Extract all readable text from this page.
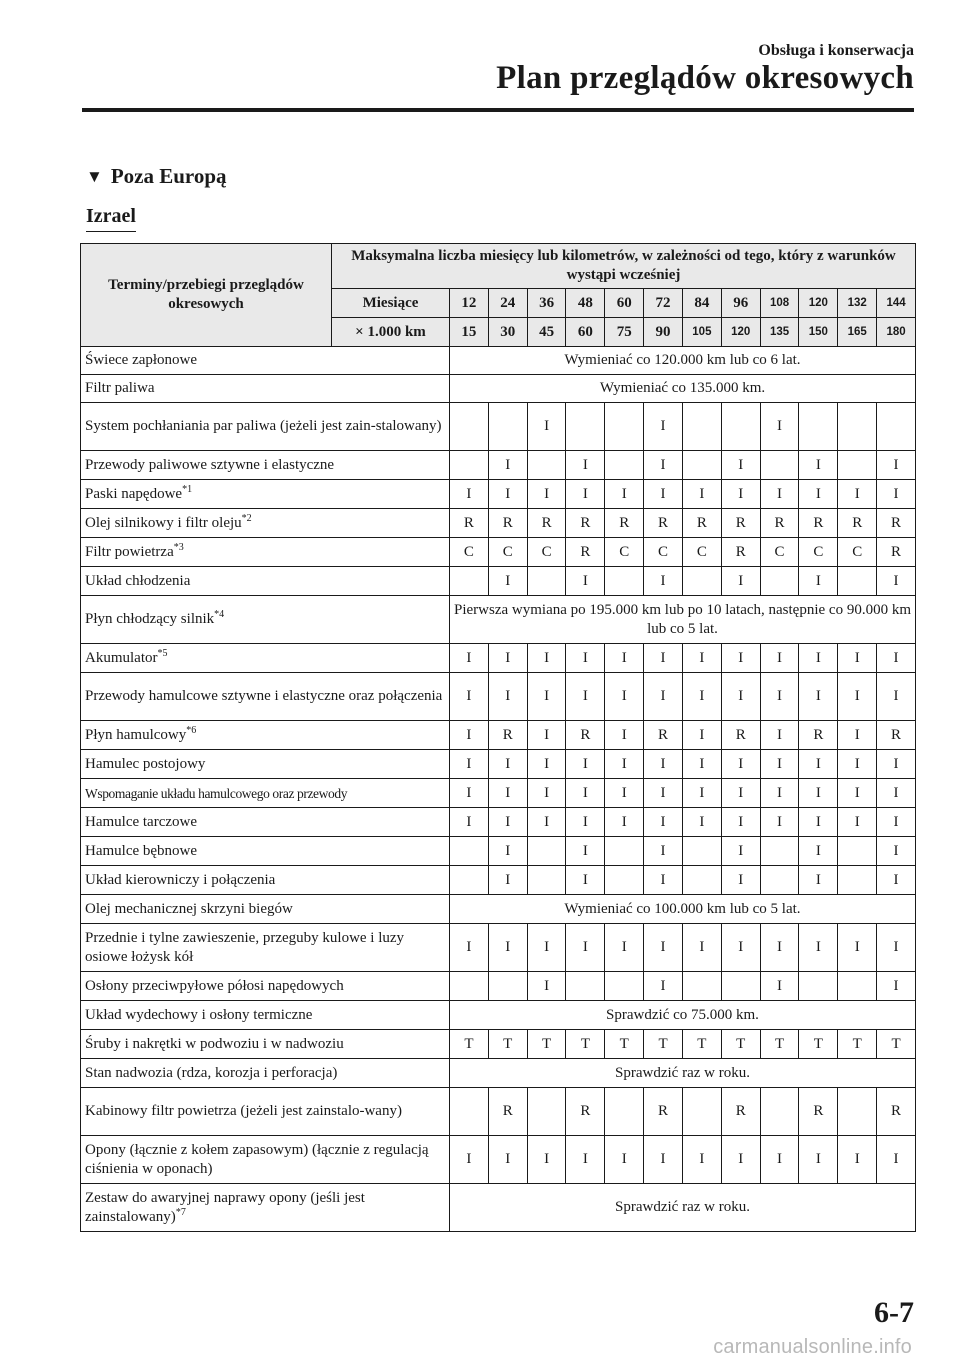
Obsługa i konserwacja
Plan przeglądów okresowych
▼ Poza Europą
Izrael
Terminy/przebiegi przeglądów okresowych	Maksymalna liczba miesięcy lub kilometrów, w zależności od tego, który z warunków wystąpi wcześniej												
	Miesiące	12	24	36	48	60	72	84	96	108	120	132	144
	× 1.000 km	15	30	45	60	75	90	105	120	135	150	165	180
Świece zapłonowe		Wymieniać co 120.000 km lub co 6 lat.											
Filtr paliwa		Wymieniać co 135.000 km.											
System pochłaniania par paliwa (jeżeli jest zain-stalowany)				I			I			I			
Przewody paliwowe sztywne i elastyczne			I		I		I		I		I		I
Paski napędowe$^{*1}$		I	I	I	I	I	I	I	I	I	I	I	I
Olej silnikowy i filtr oleju$^{*2}$		R	R	R	R	R	R	R	R	R	R	R	R
Filtr powietrza$^{*3}$		C	C	C	R	C	C	C	R	C	C	C	R
Układ chłodzenia			I		I		I		I		I		I
Płyn chłodzący silnik$^{*4}$		Pierwsza wymiana po 195.000 km lub po 10 latach, następnie co 90.000 km lub co 5 lat.											
Akumulator$^{*5}$		I	I	I	I	I	I	I	I	I	I	I	I
Przewody hamulcowe sztywne i elastyczne oraz połączenia		I	I	I	I	I	I	I	I	I	I	I	I
Płyn hamulcowy$^{*6}$		I	R	I	R	I	R	I	R	I	R	I	R
Hamulec postojowy		I	I	I	I	I	I	I	I	I	I	I	I
Wspomaganie układu hamulcowego oraz przewody		I	I	I	I	I	I	I	I	I	I	I	I
Hamulce tarczowe		I	I	I	I	I	I	I	I	I	I	I	I
Hamulce bębnowe			I		I		I		I		I		I
Układ kierowniczy i połączenia			I		I		I		I		I		I
Olej mechanicznej skrzyni biegów		Wymieniać co 100.000 km lub co 5 lat.											
Przednie i tylne zawieszenie, przeguby kulowe i luzy osiowe łożysk kół		I	I	I	I	I	I	I	I	I	I	I	I
Osłony przeciwpyłowe półosi napędowych				I			I			I			I
Układ wydechowy i osłony termiczne		Sprawdzić co 75.000 km.											
Śruby i nakrętki w podwoziu i w nadwoziu		T	T	T	T	T	T	T	T	T	T	T	T
Stan nadwozia (rdza, korozja i perforacja)		Sprawdzić raz w roku.											
Kabinowy filtr powietrza (jeżeli jest zainstalo-wany)			R		R		R		R		R		R
Opony (łącznie z kołem zapasowym) (łącznie z regulacją ciśnienia w oponach)		I	I	I	I	I	I	I	I	I	I	I	I
Zestaw do awaryjnej naprawy opony (jeśli jest zainstalowany)$^{*7}$		Sprawdzić raz w roku.											
6-7
carmanualsonline.info
